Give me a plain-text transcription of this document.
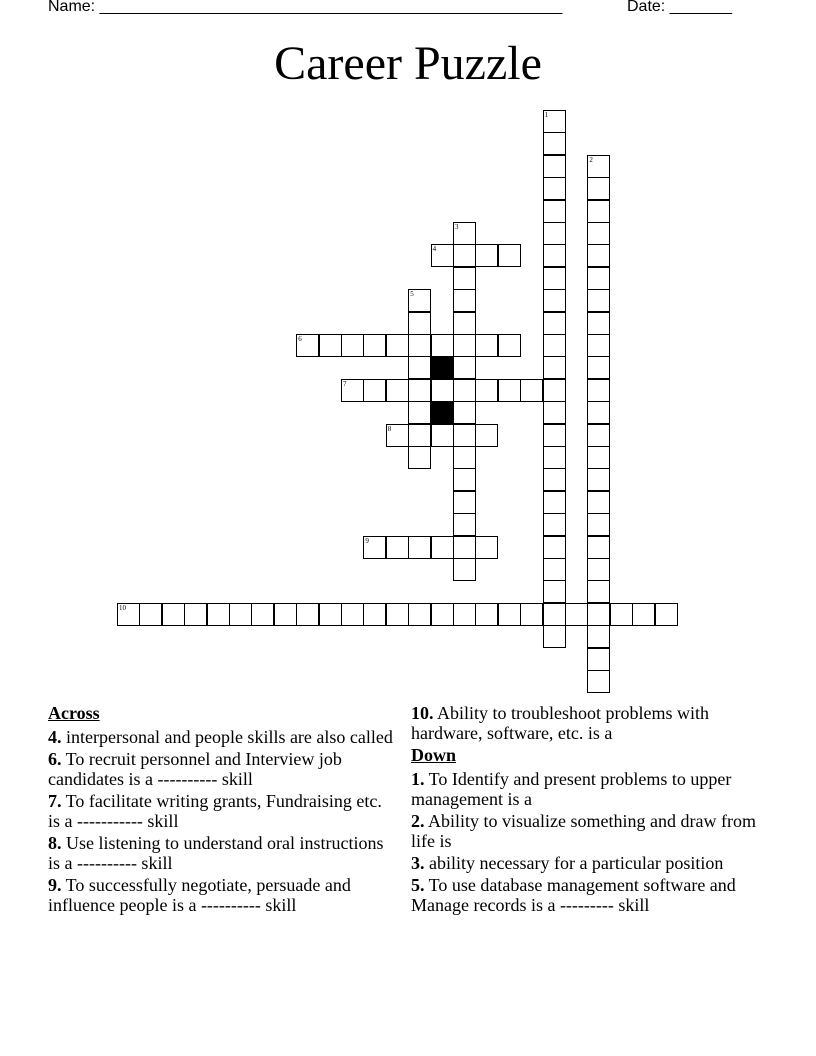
Name: ____________________________________________________

	Date: _______

Career Puzzle
1
2
3
4
5
6
7
8
9
10
Across
4. interpersonal and people skills are also called
6. To recruit personnel and Interview job candidates is a ---------- skill
7. To facilitate writing grants, Fundraising etc. is a ----------- skill
8. Use listening to understand oral instructions is a ---------- skill
9. To successfully negotiate, persuade and influence people is a ---------- skill
10. Ability to troubleshoot problems with hardware, software, etc. is a
Down
1. To Identify and present problems to upper management is a
2. Ability to visualize something and draw from life is
3. ability necessary for a particular position
5. To use database management software and Manage records is a --------- skill
